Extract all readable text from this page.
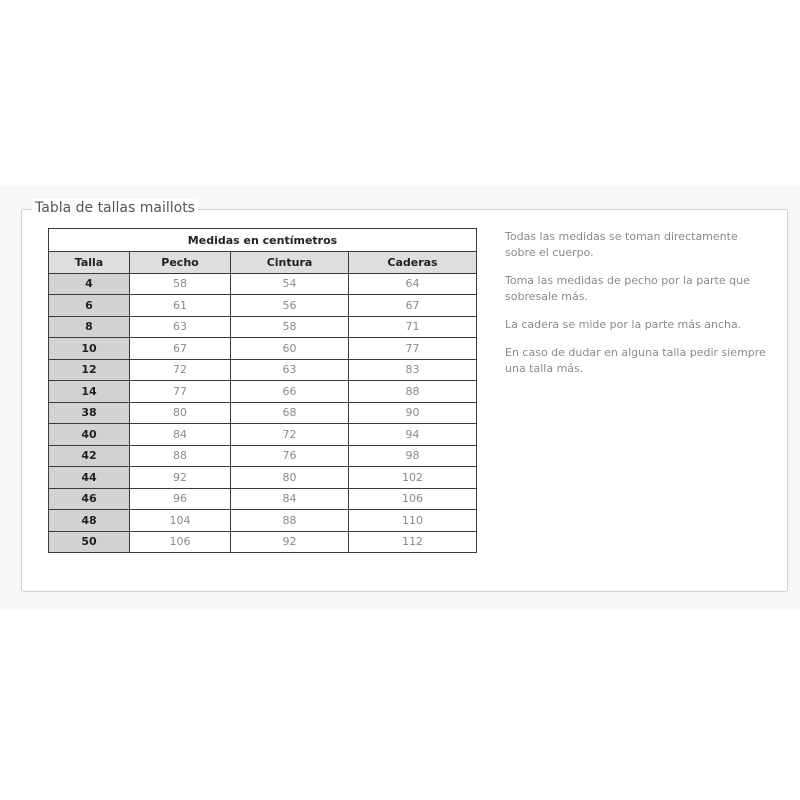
Tabla de tallas maillots
Medidas en centímetros			
Talla	Pecho	Cintura	Caderas
4	58	54	64
6	61	56	67
8	63	58	71
10	67	60	77
12	72	63	83
14	77	66	88
38	80	68	90
40	84	72	94
42	88	76	98
44	92	80	102
46	96	84	106
48	104	88	110
50	106	92	112

Todas las medidas se toman directamente sobre el cuerpo.

Toma las medidas de pecho por la parte que sobresale más.

La cadera se mide por la parte más ancha.

En caso de dudar en alguna talla pedir siempre una talla más.
